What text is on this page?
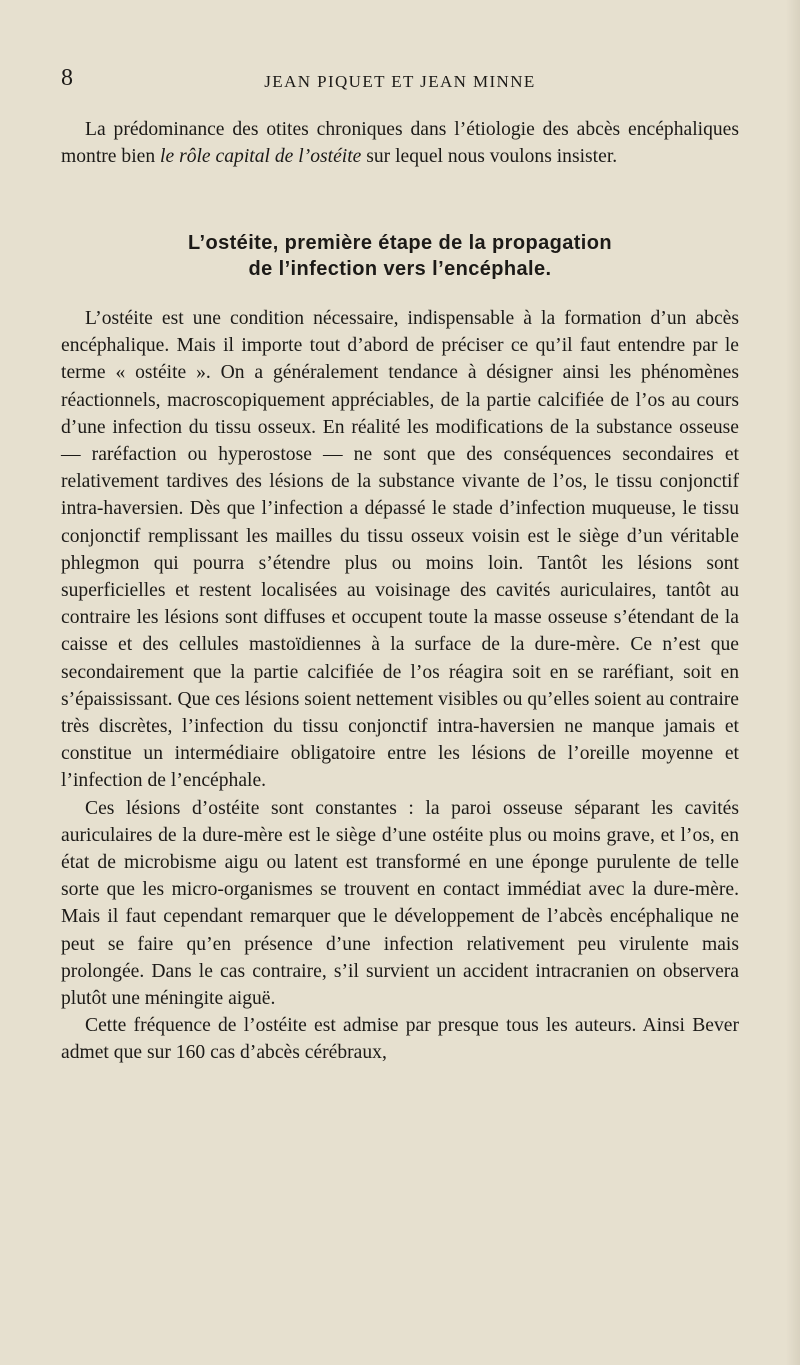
8	JEAN PIQUET ET JEAN MINNE

La prédominance des otites chroniques dans l’étiologie des abcès encéphaliques montre bien le rôle capital de l’ostéite sur lequel nous voulons insister.

L’ostéite, première étape de la propagation
de l’infection vers l’encéphale.

L’ostéite est une condition nécessaire, indispensable à la formation d’un abcès encéphalique. Mais il importe tout d’abord de préciser ce qu’il faut entendre par le terme « ostéite ». On a généralement tendance à désigner ainsi les phénomènes réactionnels, macroscopiquement appréciables, de la partie calcifiée de l’os au cours d’une infection du tissu osseux. En réalité les modifications de la substance osseuse — raréfaction ou hyperostose — ne sont que des conséquences secondaires et relativement tardives des lésions de la substance vivante de l’os, le tissu conjonctif intra-haversien. Dès que l’infection a dépassé le stade d’infection muqueuse, le tissu conjonctif remplissant les mailles du tissu osseux voisin est le siège d’un véritable phlegmon qui pourra s’étendre plus ou moins loin. Tantôt les lésions sont superficielles et restent localisées au voisinage des cavités auriculaires, tantôt au contraire les lésions sont diffuses et occupent toute la masse osseuse s’étendant de la caisse et des cellules mastoïdiennes à la surface de la dure-mère. Ce n’est que secondairement que la partie calcifiée de l’os réagira soit en se raréfiant, soit en s’épaississant. Que ces lésions soient nettement visibles ou qu’elles soient au contraire très discrètes, l’infection du tissu conjonctif intra-haversien ne manque jamais et constitue un intermédiaire obligatoire entre les lésions de l’oreille moyenne et l’infection de l’encéphale.

Ces lésions d’ostéite sont constantes : la paroi osseuse séparant les cavités auriculaires de la dure-mère est le siège d’une ostéite plus ou moins grave, et l’os, en état de microbisme aigu ou latent est transformé en une éponge purulente de telle sorte que les micro-organismes se trouvent en contact immédiat avec la dure-mère. Mais il faut cependant remarquer que le développement de l’abcès encéphalique ne peut se faire qu’en présence d’une infection relativement peu virulente mais prolongée. Dans le cas contraire, s’il survient un accident intracranien on observera plutôt une méningite aiguë.

Cette fréquence de l’ostéite est admise par presque tous les auteurs. Ainsi Bever admet que sur 160 cas d’abcès cérébraux,
